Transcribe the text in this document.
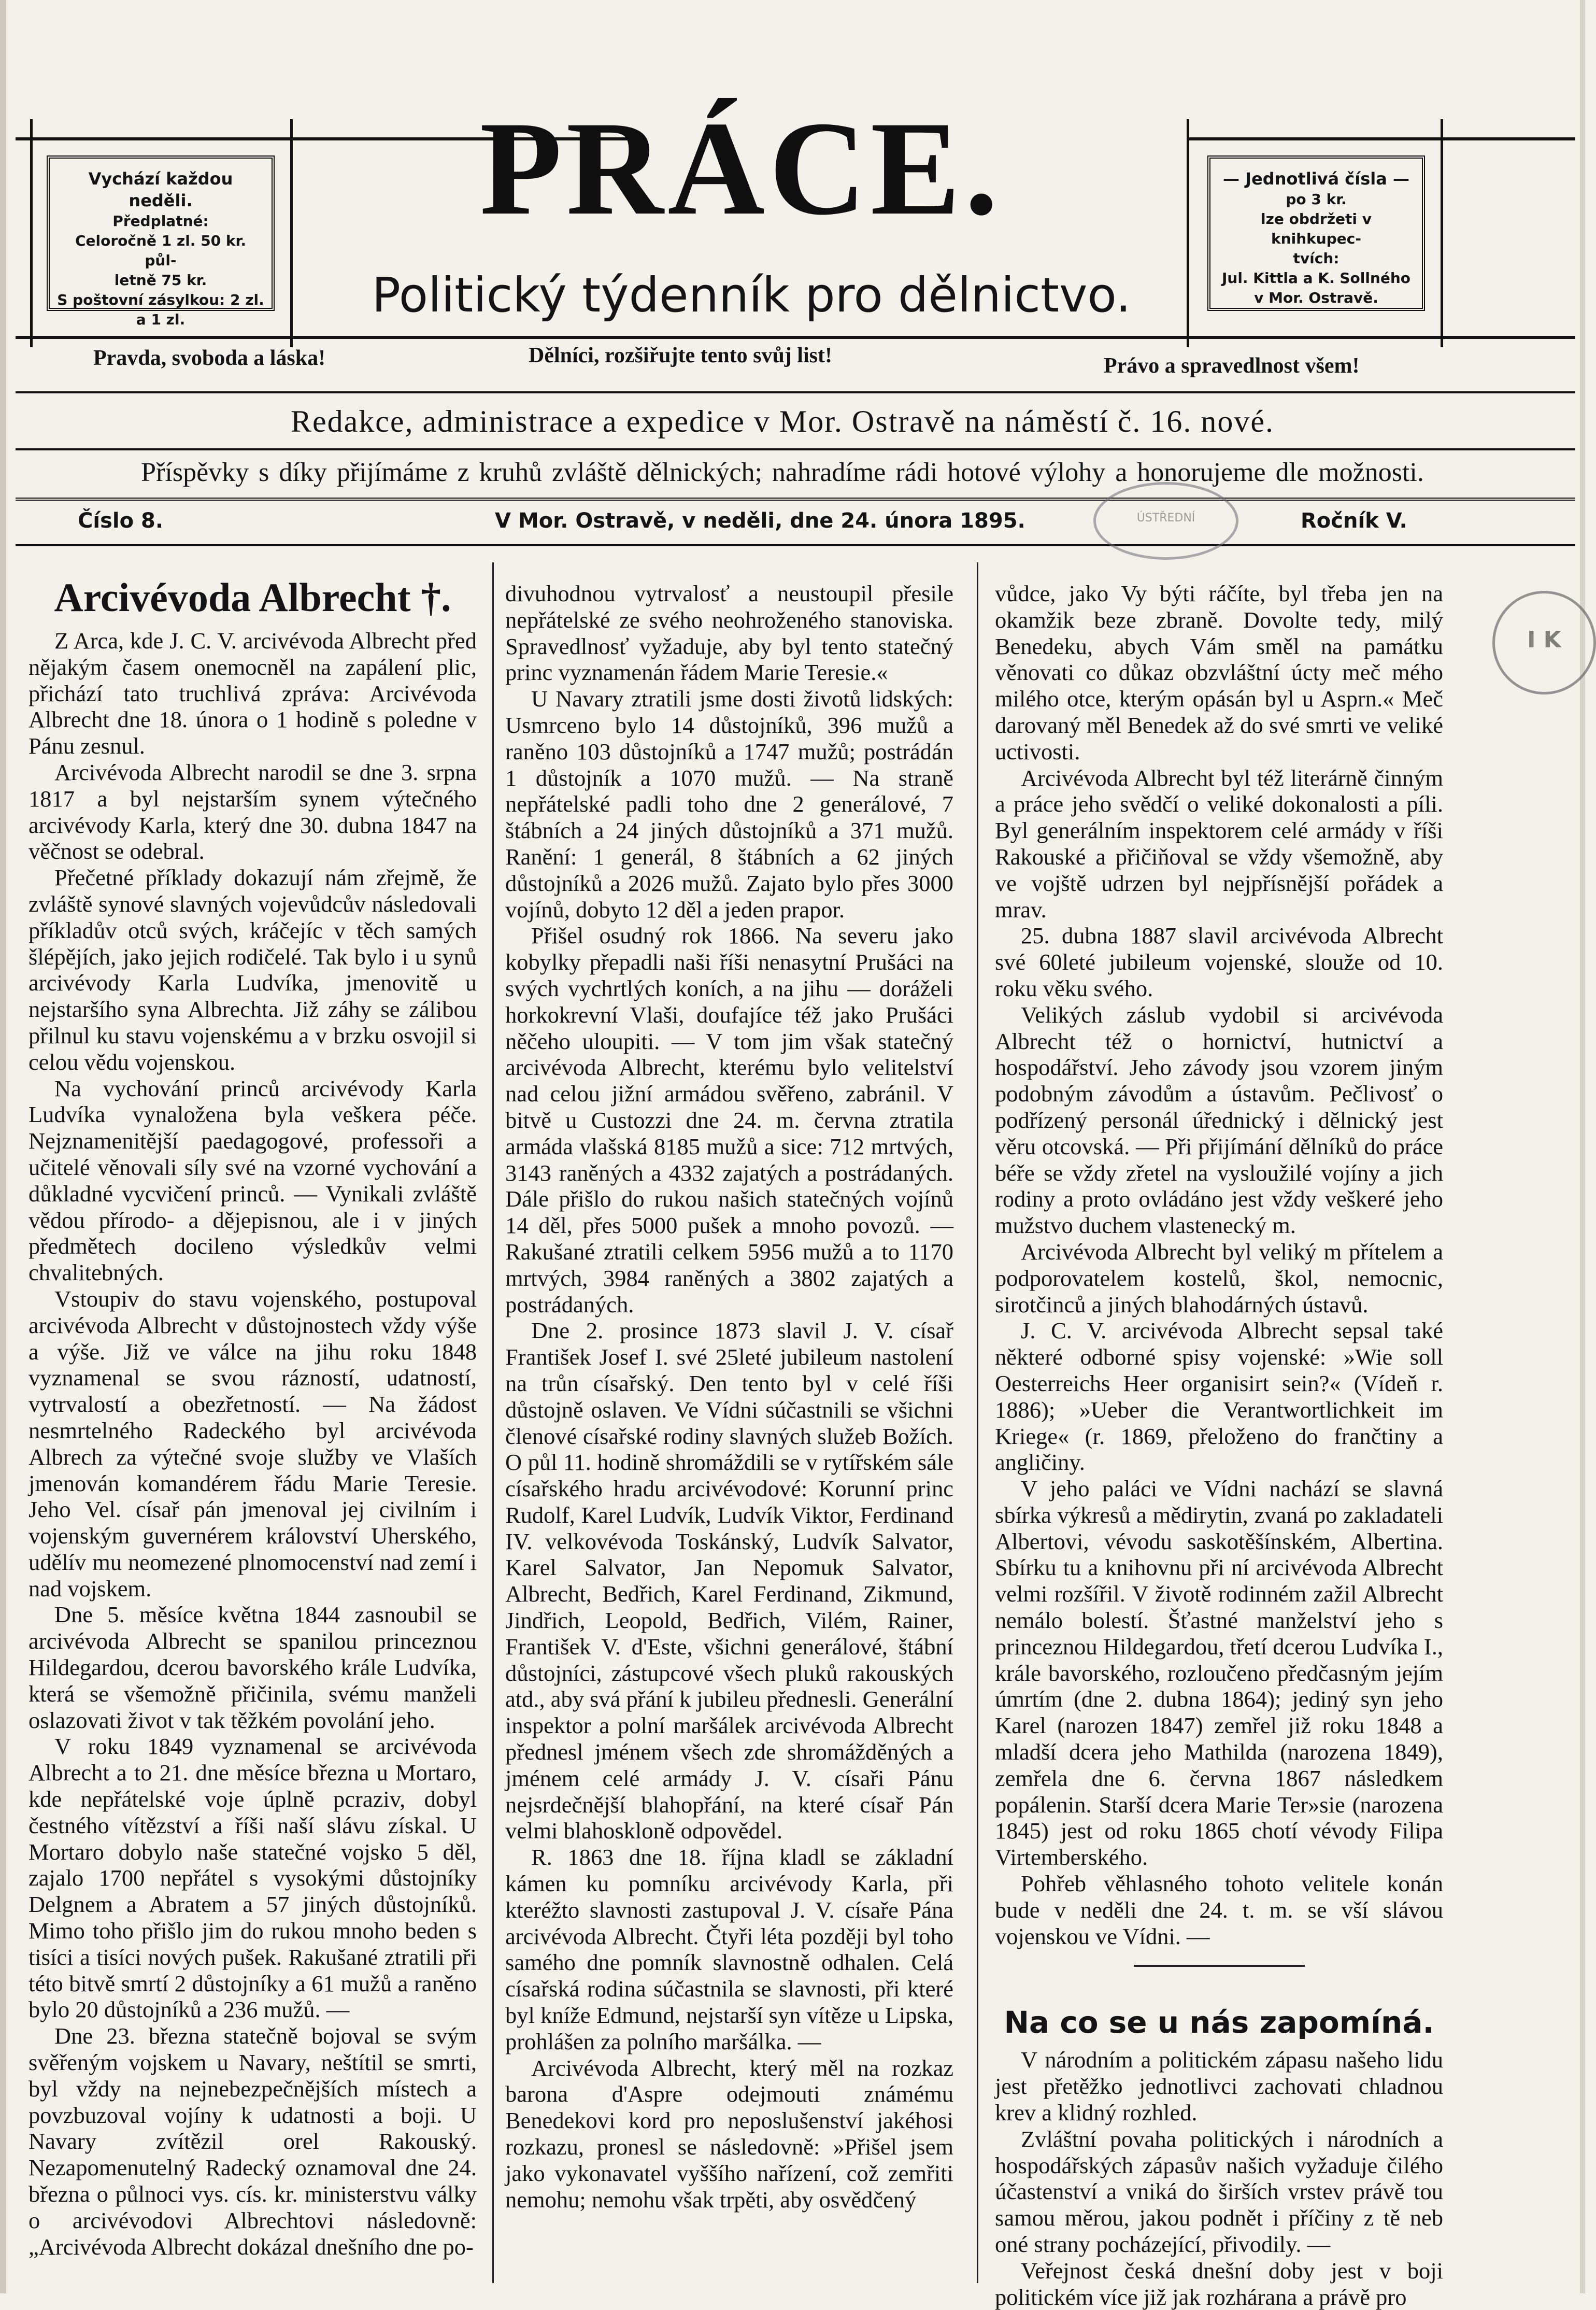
Vychází každou neděli.
Předplatné:
Celoročně 1 zl. 50 kr. půl-
letně 75 kr.
S poštovní zásylkou: 2 zl.
a 1 zl.
— Jednotlivá čísla —
po 3 kr.
lze obdržeti v knihkupec-
tvích:
Jul. Kittla a K. Sollného
v Mor. Ostravě.
PRÁCE.
Politický týdenník pro dělnictvo.
Pravda, svoboda a láska!	Dělníci, rozšiřujte tento svůj list!	Právo a spravedlnost všem!
Redakce, administrace a expedice v Mor. Ostravě na náměstí č. 16. nové.
Příspěvky s díky přijímáme z kruhů zvláště dělnických; nahradíme rádi hotové výlohy a honorujeme dle možnosti.
Číslo 8.	V Mor. Ostravě, v neděli, dne 24. února 1895.	Ročník V.
ÚSTŘEDNÍ
I K
Arcivévoda Albrecht †.

Z Arca, kde J. C. V. arcivévoda Albrecht před nějakým časem onemocněl na zapálení plic, přichází tato truchlivá zpráva: Arcivévoda Albrecht dne 18. února o 1 hodině s poledne v Pánu zesnul.

Arcivévoda Albrecht narodil se dne 3. srpna 1817 a byl nejstarším synem výtečného arcivévody Karla, který dne 30. dubna 1847 na věčnost se odebral.

Přečetné příklady dokazují nám zřejmě, že zvláště synové slavných vojevůdcův následovali příkladův otců svých, kráčejíc v těch samých šlépějích, jako jejich rodičelé. Tak bylo i u synů arcivévody Karla Ludvíka, jmenovitě u nejstaršího syna Albrechta. Již záhy se zálibou přilnul ku stavu vojenskému a v brzku osvojil si celou vědu vojenskou.

Na vychování princů arcivévody Karla Ludvíka vynaložena byla veškera péče. Nejznamenitější paedagogové, professoři a učitelé věnovali síly své na vzorné vychování a důkladné vycvičení princů. — Vynikali zvláště vědou přírodo- a dějepisnou, ale i v jiných předmětech docileno výsledkův velmi chvalitebných.

Vstoupiv do stavu vojenského, postupoval arcivévoda Albrecht v důstojnostech vždy výše a výše. Již ve válce na jihu roku 1848 vyznamenal se svou rázností, udatností, vytrvalostí a obezřetností. — Na žádost nesmrtelného Radeckého byl arcivévoda Albrech za výtečné svoje služby ve Vlaších jmenován komandérem řádu Marie Teresie. Jeho Vel. císař pán jmenoval jej civilním i vojenským guvernérem království Uherského, udělív mu neomezené plnomocenství nad zemí i nad vojskem.

Dne 5. měsíce května 1844 zasnoubil se arcivévoda Albrecht se spanilou princeznou Hildegardou, dcerou bavorského krále Ludvíka, která se všemožně přičinila, svému manželi oslazovati život v tak těžkém povolání jeho.

V roku 1849 vyznamenal se arcivévoda Albrecht a to 21. dne měsíce března u Mortaro, kde nepřátelské voje úplně pcraziv, dobyl čestného vítězství a říši naší slávu získal. U Mortaro dobylo naše statečné vojsko 5 děl, zajalo 1700 nepřátel s vysokými důstojníky Delgnem a Abratem a 57 jiných důstojníků. Mimo toho přišlo jim do rukou mnoho beden s tisíci a tisíci nových pušek. Rakušané ztratili při této bitvě smrtí 2 důstojníky a 61 mužů a raněno bylo 20 důstojníků a 236 mužů. —

Dne 23. března statečně bojoval se svým svěřeným vojskem u Navary, neštítil se smrti, byl vždy na nejnebezpečnějších místech a povzbuzoval vojíny k udatnosti a boji. U Navary zvítězil orel Rakouský. Nezapomenutelný Radecký oznamoval dne 24. března o půlnoci vys. cís. kr. ministerstvu války o arcivévodovi Albrechtovi následovně: „Arcivévoda Albrecht dokázal dnešního dne po-

divuhodnou vytrvalosť a neustoupil přesile nepřátelské ze svého neohroženého stanoviska. Spravedlnosť vyžaduje, aby byl tento statečný princ vyznamenán řádem Marie Teresie.«

U Navary ztratili jsme dosti životů lidských: Usmrceno bylo 14 důstojníků, 396 mužů a raněno 103 důstojníků a 1747 mužů; postrádán 1 důstojník a 1070 mužů. — Na straně nepřátelské padli toho dne 2 generálové, 7 štábních a 24 jiných důstojníků a 371 mužů. Ranění: 1 generál, 8 štábních a 62 jiných důstojníků a 2026 mužů. Zajato bylo přes 3000 vojínů, dobyto 12 děl a jeden prapor.

Přišel osudný rok 1866. Na severu jako kobylky přepadli naši říši nenasytní Prušáci na svých vychrtlých koních, a na jihu — doráželi horkokrevní Vlaši, doufajíce též jako Prušáci něčeho uloupiti. — V tom jim však statečný arcivévoda Albrecht, kterému bylo velitelství nad celou jižní armádou svěřeno, zabránil. V bitvě u Custozzi dne 24. m. června ztratila armáda vlašská 8185 mužů a sice: 712 mrtvých, 3143 raněných a 4332 zajatých a postrádaných. Dále přišlo do rukou našich statečných vojínů 14 děl, přes 5000 pušek a mnoho povozů. — Rakušané ztratili celkem 5956 mužů a to 1170 mrtvých, 3984 raněných a 3802 zajatých a postrádaných.

Dne 2. prosince 1873 slavil J. V. císař František Josef I. své 25leté jubileum nastolení na trůn císařský. Den tento byl v celé říši důstojně oslaven. Ve Vídni súčastnili se všichni členové císařské rodiny slavných služeb Božích. O půl 11. hodině shromáždili se v rytířském sále císařského hradu arcivévodové: Korunní princ Rudolf, Karel Ludvík, Ludvík Viktor, Ferdinand IV. velkovévoda Toskánský, Ludvík Salvator, Karel Salvator, Jan Nepomuk Salvator, Albrecht, Bedřich, Karel Ferdinand, Zikmund, Jindřich, Leopold, Bedřich, Vilém, Rainer, František V. d'Este, všichni generálové, štábní důstojníci, zástupcové všech pluků rakouských atd., aby svá přání k jubileu přednesli. Generální inspektor a polní maršálek arcivévoda Albrecht přednesl jménem všech zde shromážděných a jménem celé armády J. V. císaři Pánu nejsrdečnější blahopřání, na které císař Pán velmi blahoskloně odpovědel.

R. 1863 dne 18. října kladl se základní kámen ku pomníku arcivévody Karla, při kteréžto slavnosti zastupoval J. V. císaře Pána arcivévoda Albrecht. Čtyři léta později byl toho samého dne pomník slavnostně odhalen. Celá císařská rodina súčastnila se slavnosti, při které byl kníže Edmund, nejstarší syn vítěze u Lipska, prohlášen za polního maršálka. —

Arcivévoda Albrecht, který měl na rozkaz barona d'Aspre odejmouti známému Benedekovi kord pro neposlušenství jakéhosi rozkazu, pronesl se následovně: »Přišel jsem jako vykonavatel vyššího nařízení, což zemřiti nemohu; nemohu však trpěti, aby osvědčený

vůdce, jako Vy býti ráčíte, byl třeba jen na okamžik beze zbraně. Dovolte tedy, milý Benedeku, abych Vám směl na památku věnovati co důkaz obzvláštní úcty meč mého milého otce, kterým opásán byl u Asprn.« Meč darovaný měl Benedek až do své smrti ve veliké uctivosti.

Arcivévoda Albrecht byl též literárně činným a práce jeho svědčí o veliké dokonalosti a píli. Byl generálním inspektorem celé armády v říši Rakouské a přičiňoval se vždy všemožně, aby ve vojště udrzen byl nejpřísnější pořádek a mrav.

25. dubna 1887 slavil arcivévoda Albrecht své 60leté jubileum vojenské, slouže od 10. roku věku svého.

Velikých záslub vydobil si arcivévoda Albrecht též o hornictví, hutnictví a hospodářství. Jeho závody jsou vzorem jiným podobným závodům a ústavům. Pečlivosť o podřízený personál úřednický i dělnický jest věru otcovská. — Při přijímání dělníků do práce béře se vždy zřetel na vysloužilé vojíny a jich rodiny a proto ovládáno jest vždy veškeré jeho mužstvo duchem vlastenecký m.

Arcivévoda Albrecht byl veliký m přítelem a podporovatelem kostelů, škol, nemocnic, sirotčinců a jiných blahodárných ústavů.

J. C. V. arcivévoda Albrecht sepsal také některé odborné spisy vojenské: »Wie soll Oesterreichs Heer organisirt sein?« (Vídeň r. 1886); »Ueber die Verantwortlichkeit im Kriege« (r. 1869, přeloženo do frančtiny a angličiny.

V jeho paláci ve Vídni nachází se slavná sbírka výkresů a mědirytin, zvaná po zakladateli Albertovi, vévodu saskotěšínském, Albertina. Sbírku tu a knihovnu při ní arcivévoda Albrecht velmi rozšířil. V životě rodinném zažil Albrecht nemálo bolestí. Šťastné manželství jeho s princeznou Hildegardou, třetí dcerou Ludvíka I., krále bavorského, rozloučeno předčasným jejím úmrtím (dne 2. dubna 1864); jediný syn jeho Karel (narozen 1847) zemřel již roku 1848 a mladší dcera jeho Mathilda (narozena 1849), zemřela dne 6. června 1867 následkem popálenin. Starší dcera Marie Ter»sie (narozena 1845) jest od roku 1865 chotí vévody Filipa Virtemberského.

Pohřeb věhlasného tohoto velitele konán bude v neděli dne 24. t. m. se vší slávou vojenskou ve Vídni. —

Na co se u nás zapomíná.

V národním a politickém zápasu našeho lidu jest přetěžko jednotlivci zachovati chladnou krev a klidný rozhled.

Zvláštní povaha politických i národních a hospodářských zápasův našich vyžaduje čilého účastenství a vniká do širších vrstev právě tou samou měrou, jakou podnět i příčiny z tě neb oné strany pocházející, přivodily. —

Veřejnost česká dnešní doby jest v boji politickém více již jak rozhárana a právě pro
